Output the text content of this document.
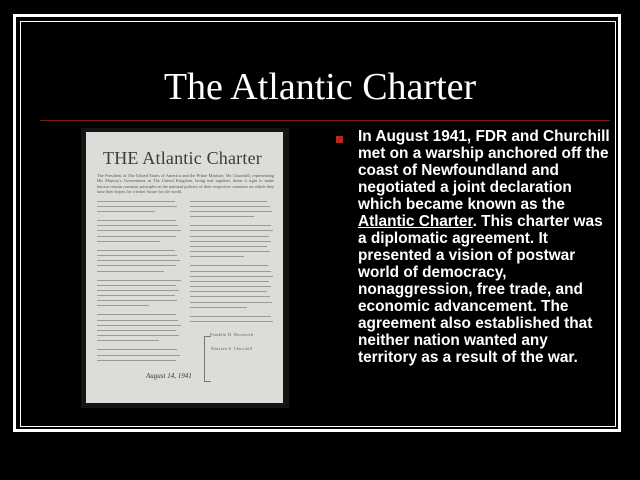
The Atlantic Charter
THE Atlantic Charter
The President of The United States of America and the Prime Minister, Mr. Churchill, representing His Majesty's Government in The United Kingdom, being met together, deem it right to make known certain common principles in the national policies of their respective countries on which they base their hopes for a better future for the world.
Franklin D. Roosevelt
Winston S. Churchill
August 14, 1941
In August 1941, FDR and Churchill met on a warship anchored off the coast of Newfoundland and negotiated a joint declaration which became known as the Atlantic Charter. This charter was a diplomatic agreement. It presented a vision of postwar world of democracy, nonaggression, free trade, and economic advancement. The agreement also established that neither nation wanted any territory as a result of the war.
